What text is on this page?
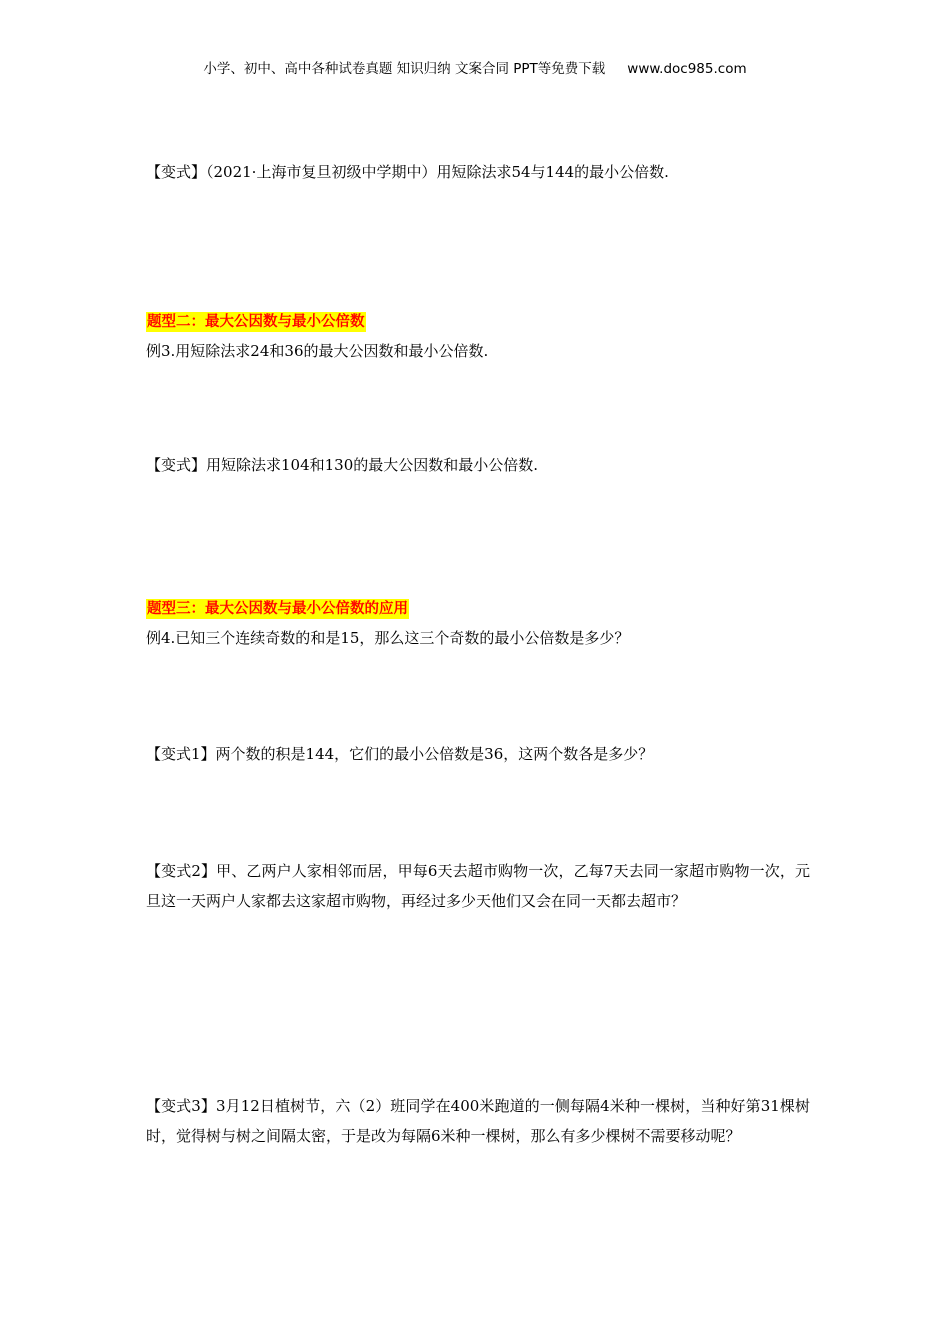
小学、初中、高中各种试卷真题 知识归纳 文案合同 PPT等免费下载 www.doc985.com
【变式】（2021·上海市复旦初级中学期中）用短除法求54与144的最小公倍数.
题型二：最大公因数与最小公倍数
例3.用短除法求24和36的最大公因数和最小公倍数.
【变式】用短除法求104和130的最大公因数和最小公倍数.
题型三：最大公因数与最小公倍数的应用
例4.已知三个连续奇数的和是15，那么这三个奇数的最小公倍数是多少？
【变式1】两个数的积是144，它们的最小公倍数是36，这两个数各是多少？
【变式2】甲、乙两户人家相邻而居，甲每6天去超市购物一次，乙每7天去同一家超市购物一次，元旦这一天两户人家都去这家超市购物，再经过多少天他们又会在同一天都去超市？
【变式3】3月12日植树节，六（2）班同学在400米跑道的一侧每隔4米种一棵树，当种好第31棵树时，觉得树与树之间隔太密，于是改为每隔6米种一棵树，那么有多少棵树不需要移动呢？
